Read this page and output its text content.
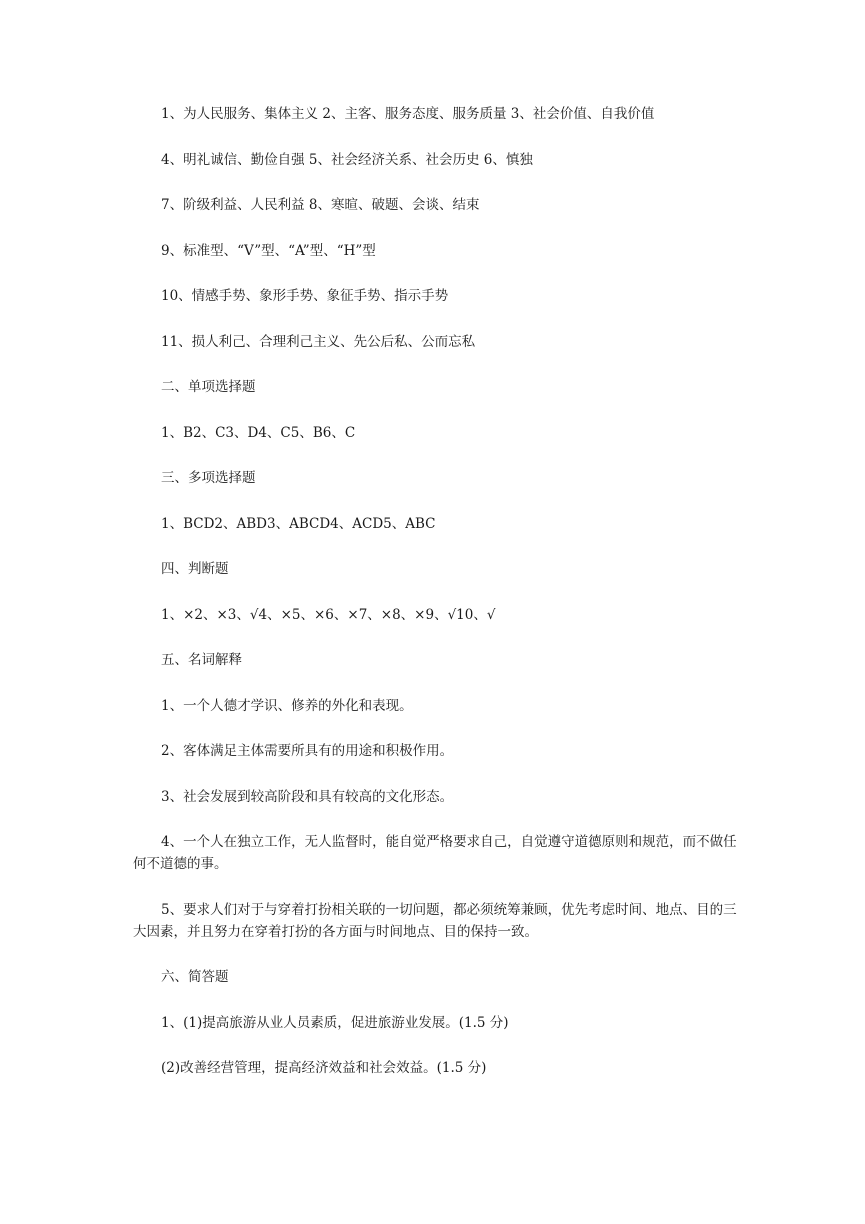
1、为人民服务、集体主义 2、主客、服务态度、服务质量 3、社会价值、自我价值

4、明礼诚信、勤俭自强 5、社会经济关系、社会历史 6、慎独

7、阶级利益、人民利益 8、寒暄、破题、会谈、结束

9、标准型、“V”型、“A”型、“H”型

10、情感手势、象形手势、象征手势、指示手势

11、损人利己、合理利己主义、先公后私、公而忘私

二、单项选择题

1、B2、C3、D4、C5、B6、C

三、多项选择题

1、BCD2、ABD3、ABCD4、ACD5、ABC

四、判断题

1、×2、×3、√4、×5、×6、×7、×8、×9、√10、√

五、名词解释

1、一个人德才学识、修养的外化和表现。

2、客体满足主体需要所具有的用途和积极作用。

3、社会发展到较高阶段和具有较高的文化形态。

4、一个人在独立工作，无人监督时，能自觉严格要求自己，自觉遵守道德原则和规范，而不做任何不道德的事。

5、要求人们对于与穿着打扮相关联的一切问题，都必须统筹兼顾，优先考虑时间、地点、目的三大因素，并且努力在穿着打扮的各方面与时间地点、目的保持一致。

六、简答题

1、(1)提高旅游从业人员素质，促进旅游业发展。(1.5 分)

(2)改善经营管理，提高经济效益和社会效益。(1.5 分)
